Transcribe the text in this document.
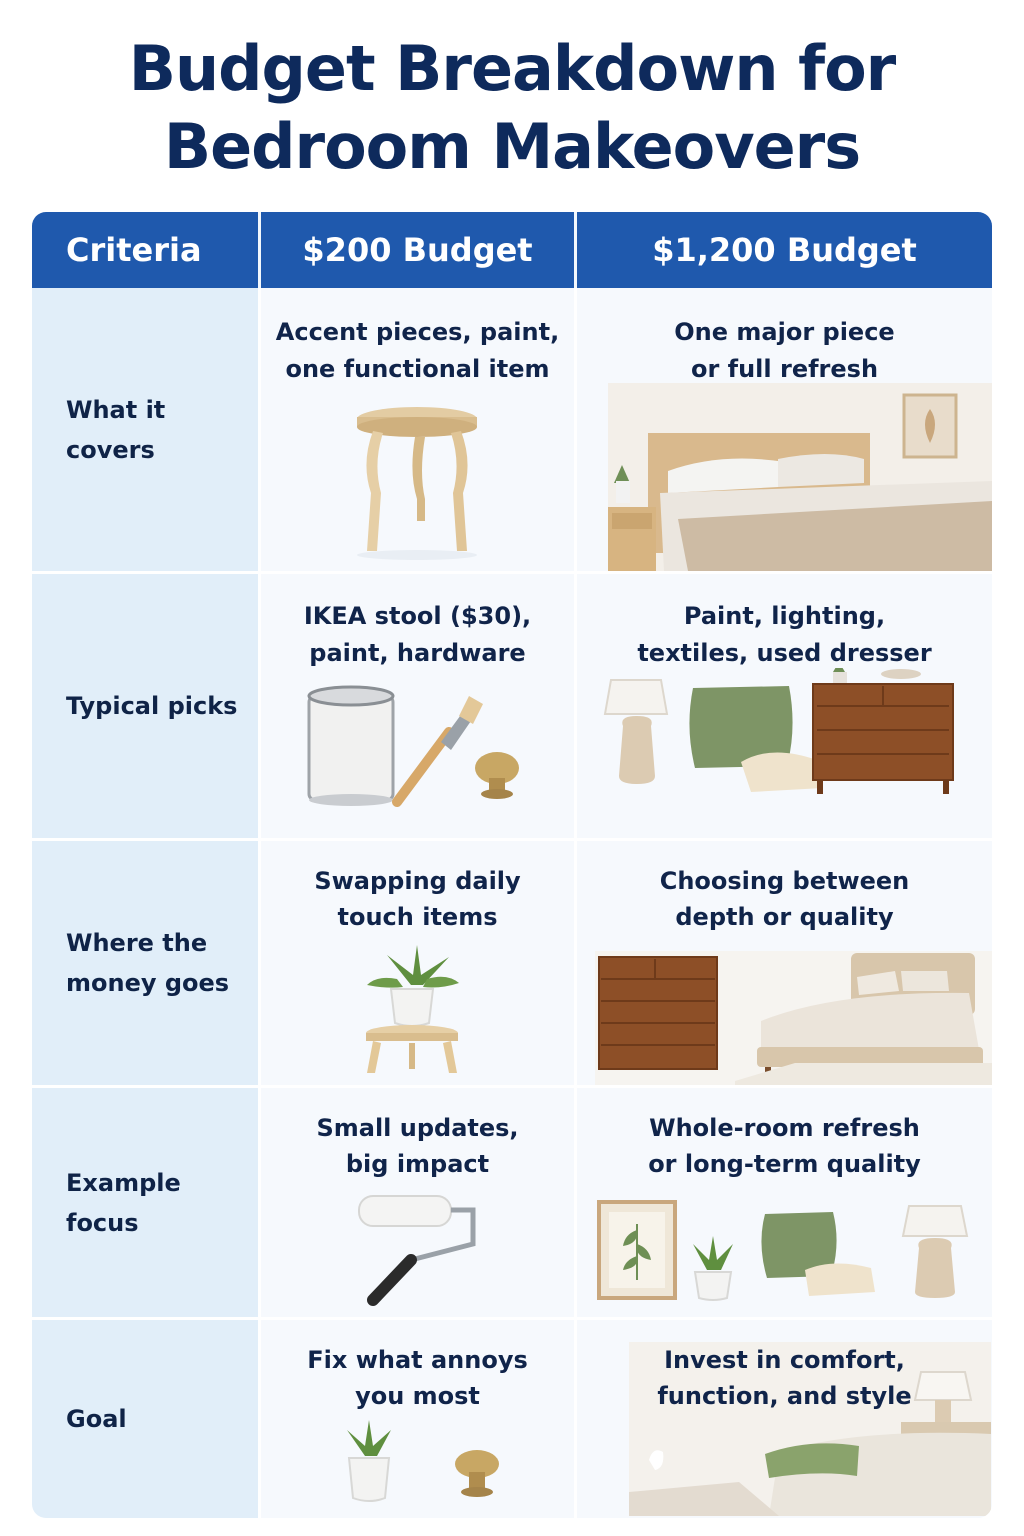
Budget Breakdown for
Bedroom Makeovers
Criteria	$200 Budget	$1,200 Budget
What it covers
Accent pieces, paint,
one functional item
One major piece
or full refresh
Typical picks
IKEA stool ($30),
paint, hardware
Paint, lighting,
textiles, used dresser
Where the
money goes
Swapping daily
touch items
Choosing between
depth or quality
Example focus
Small updates,
big impact
Whole-room refresh
or long-term quality
Goal
Fix what annoys
you most
Invest in comfort,
function, and style
